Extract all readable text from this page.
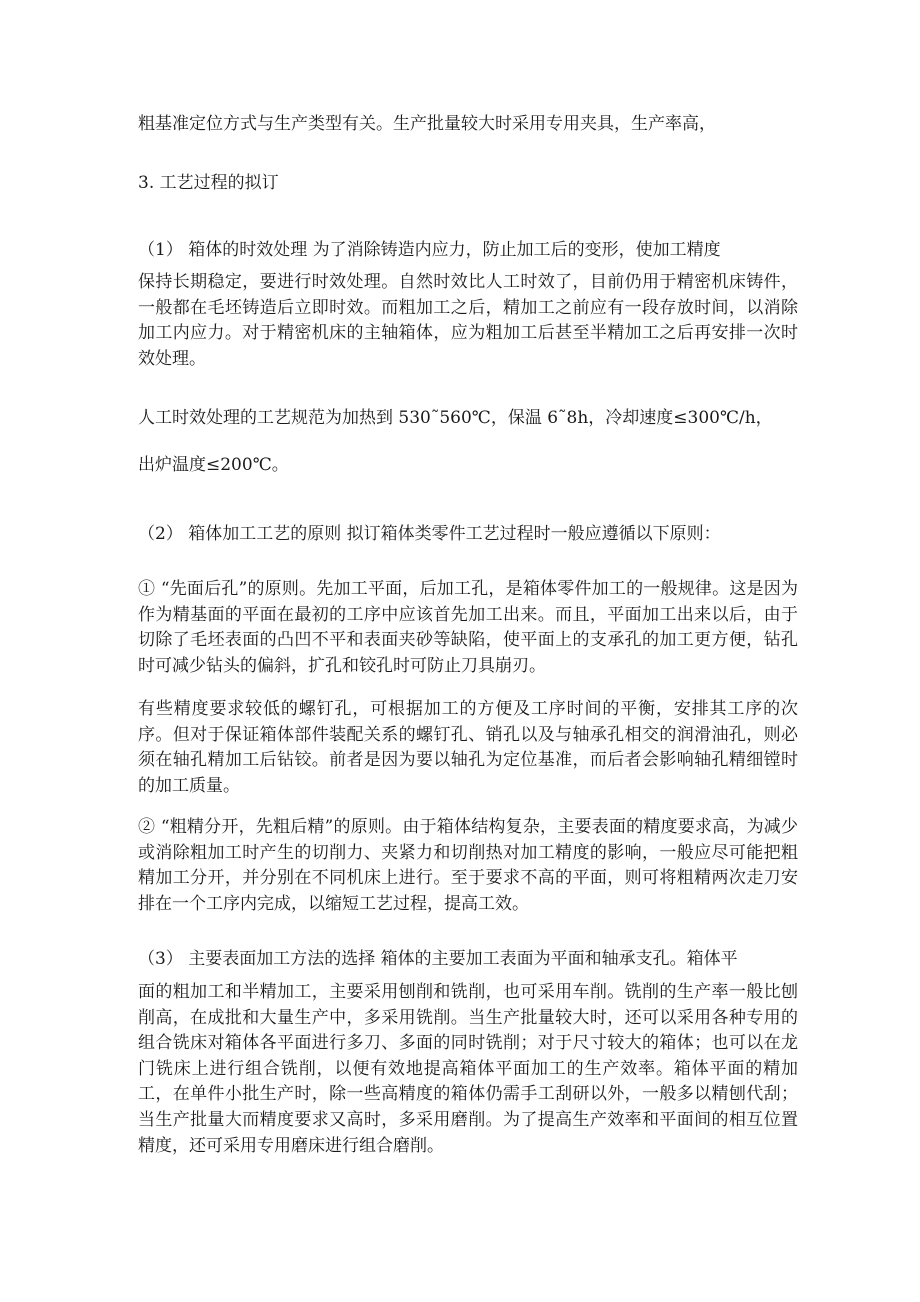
粗基准定位方式与生产类型有关。生产批量较大时采用专用夹具，生产率高，
3. 工艺过程的拟订
（1） 箱体的时效处理 为了消除铸造内应力，防止加工后的变形，使加工精度
保持长期稳定，要进行时效处理。自然时效比人工时效了，目前仍用于精密机床铸件，一般都在毛坯铸造后立即时效。而粗加工之后，精加工之前应有一段存放时间，以消除加工内应力。对于精密机床的主轴箱体，应为粗加工后甚至半精加工之后再安排一次时效处理。
人工时效处理的工艺规范为加热到 530˜560℃，保温 6˜8h，冷却速度≤300℃/h，
出炉温度≤200℃。
（2） 箱体加工工艺的原则 拟订箱体类零件工艺过程时一般应遵循以下原则：
① “先面后孔”的原则。先加工平面，后加工孔，是箱体零件加工的一般规律。这是因为作为精基面的平面在最初的工序中应该首先加工出来。而且，平面加工出来以后，由于切除了毛坯表面的凸凹不平和表面夹砂等缺陷，使平面上的支承孔的加工更方便，钻孔时可减少钻头的偏斜，扩孔和铰孔时可防止刀具崩刃。
有些精度要求较低的螺钉孔，可根据加工的方便及工序时间的平衡，安排其工序的次序。但对于保证箱体部件装配关系的螺钉孔、销孔以及与轴承孔相交的润滑油孔，则必须在轴孔精加工后钻铰。前者是因为要以轴孔为定位基准，而后者会影响轴孔精细镗时的加工质量。
② “粗精分开，先粗后精”的原则。由于箱体结构复杂，主要表面的精度要求高，为减少或消除粗加工时产生的切削力、夹紧力和切削热对加工精度的影响，一般应尽可能把粗精加工分开，并分别在不同机床上进行。至于要求不高的平面，则可将粗精两次走刀安排在一个工序内完成，以缩短工艺过程，提高工效。
（3） 主要表面加工方法的选择 箱体的主要加工表面为平面和轴承支孔。箱体平
面的粗加工和半精加工，主要采用刨削和铣削，也可采用车削。铣削的生产率一般比刨削高，在成批和大量生产中，多采用铣削。当生产批量较大时，还可以采用各种专用的组合铣床对箱体各平面进行多刀、多面的同时铣削；对于尺寸较大的箱体；也可以在龙门铣床上进行组合铣削，以便有效地提高箱体平面加工的生产效率。箱体平面的精加工，在单件小批生产时，除一些高精度的箱体仍需手工刮研以外，一般多以精刨代刮；当生产批量大而精度要求又高时，多采用磨削。为了提高生产效率和平面间的相互位置精度，还可采用专用磨床进行组合磨削。
